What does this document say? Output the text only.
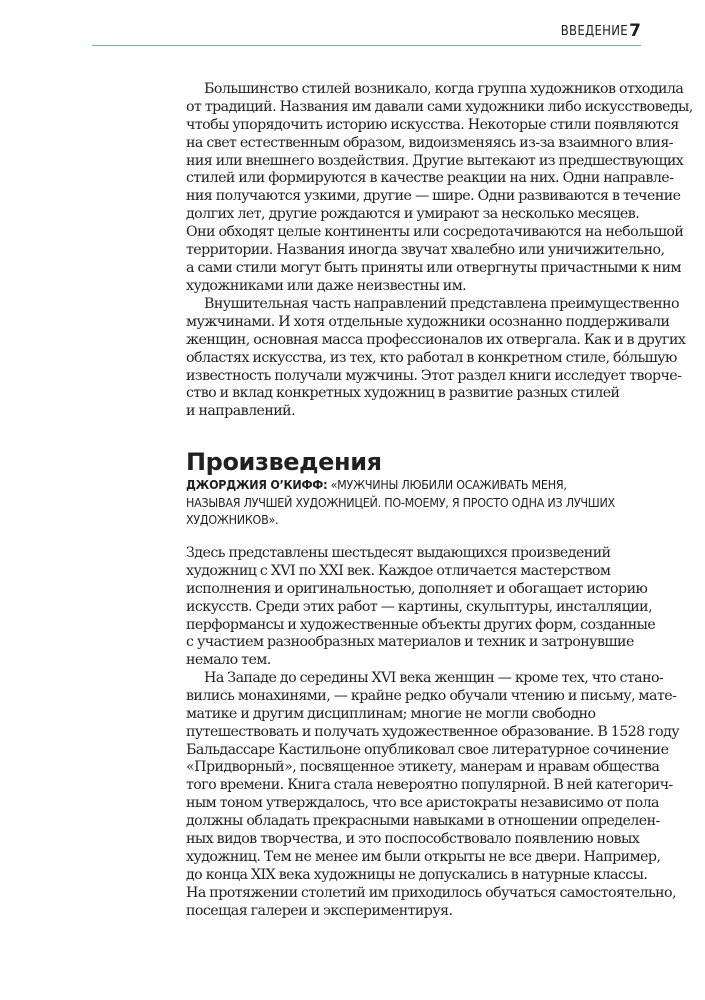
ВВЕДЕНИЕ 7
Большинство стилей возникало, когда группа художников отходила
от традиций. Названия им давали сами художники либо искусствоведы,
чтобы упорядочить историю искусства. Некоторые стили появляются
на свет естественным образом, видоизменяясь из-за взаимного влия-
ния или внешнего воздействия. Другие вытекают из предшествующих
стилей или формируются в качестве реакции на них. Одни направле-
ния получаются узкими, другие — шире. Одни развиваются в течение
долгих лет, другие рождаются и умирают за несколько месяцев.
Они обходят целые континенты или сосредотачиваются на небольшой
территории. Названия иногда звучат хвалебно или уничижительно,
а сами стили могут быть приняты или отвергнуты причастными к ним
художниками или даже неизвестны им.
Внушительная часть направлений представлена преимущественно
мужчинами. И хотя отдельные художники осознанно поддерживали
женщин, основная масса профессионалов их отвергала. Как и в других
областях искусства, из тех, кто работал в конкретном стиле, бóльшую
известность получали мужчины. Этот раздел книги исследует творче-
ство и вклад конкретных художниц в развитие разных стилей
и направлений.
Произведения
ДЖОРДЖИЯ О’КИФФ: «МУЖЧИНЫ ЛЮБИЛИ ОСАЖИВАТЬ МЕНЯ,
НАЗЫВАЯ ЛУЧШЕЙ ХУДОЖНИЦЕЙ. ПО-МОЕМУ, Я ПРОСТО ОДНА ИЗ ЛУЧШИХ
ХУДОЖНИКОВ».
Здесь представлены шестьдесят выдающихся произведений
художниц с XVI по XXI век. Каждое отличается мастерством
исполнения и оригинальностью, дополняет и обогащает историю
искусств. Среди этих работ — картины, скульптуры, инсталляции,
перформансы и художественные объекты других форм, созданные
с участием разнообразных материалов и техник и затронувшие
немало тем.
На Западе до середины XVI века женщин — кроме тех, что стано-
вились монахинями, — крайне редко обучали чтению и письму, мате-
матике и другим дисциплинам; многие не могли свободно
путешествовать и получать художественное образование. В 1528 году
Бальдассаре Кастильоне опубликовал свое литературное сочинение
«Придворный», посвященное этикету, манерам и нравам общества
того времени. Книга стала невероятно популярной. В ней категорич-
ным тоном утверждалось, что все аристократы независимо от пола
должны обладать прекрасными навыками в отношении определен-
ных видов творчества, и это поспособствовало появлению новых
художниц. Тем не менее им были открыты не все двери. Например,
до конца XIX века художницы не допускались в натурные классы.
На протяжении столетий им приходилось обучаться самостоятельно,
посещая галереи и экспериментируя.
